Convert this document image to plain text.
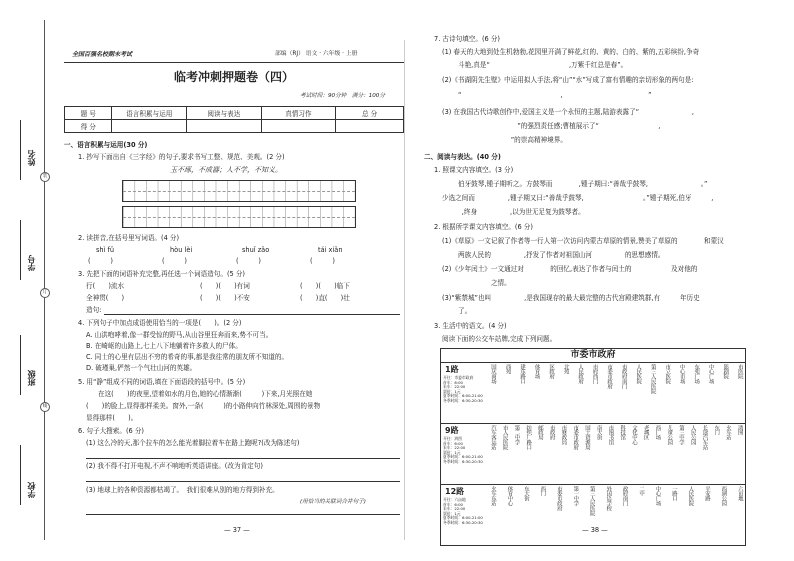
姓名
学号
班级
学校
装
订
线
全国百强名校期末考试	部编（RJ） 语文 · 六年级 · 上册
临考冲刺押题卷（四）
考试时间：90分钟　满分：100分
题 号	语言积累与运用	阅读与表达	真情习作	总 分
得 分				
一、语言积累与运用(30 分)
1. 抄写下面出自《三字经》的句子,要求书写工整、规范、美观。(2 分)
玉不琢，不成器；人不学，不知义。
2. 读拼音,在括号里写词语。(4 分)
shì fǔ	hòu lèi	shuǐ zǎo	tái xiǎn
(　　　)	(　　　)	(　　　)	(　　　)
3. 先把下面的词语补充完整,再任选一个词语造句。(5 分)
行(　　)流水	(　　)(　　)有词	(　　)(　　)临下
全神贯(　　)	(　　)(　　)不安	(　　)直(　　)壮
造句:
4. 下列句子中加点成语使用恰当的一项是(　　)。(2 分)
A. 山洪咆哮着,像一群受惊的野马,从山谷里狂奔而来,势不可当。
B. 在崎岖的山路上,七上八下地躺着许多救人的尸体。
C. 同士的心里有层出不穷的希奇的事,都是我往常的朋友所不知道的。
D. 破瑾巢,俨然一个气壮山河的英雄。
5. 用“静”组成不同的词语,填在下面语段的括号中。(5 分)
在这(　　)的夜里,望着如水的月色,她的心情渐渐(　　　)下来,月光照在她
(　　)的脸上,显得那样柔美。窗外,一条(　　　)的小路伸向竹林深处,周围的景物
显得那样(　　)。
6. 句子大搜索。(6 分)
(1) 这么冷的天,那个拉车的怎么能光着脚拉着车在路上跑呢?(改为陈述句)
(2) 我不得不打开电视,不声不响地听英语讲座。(改为肯定句)
(3) 地球上的各种资源都枯竭了。　我们很难从别的地方得到补充。
(用恰当的关联词合并句子)
— 37 —
7. 古诗句填空。(6 分)
(1) 春天的大地到处生机勃勃,花园里开满了鲜花,红的、黄的、白的、紫的,五彩缤纷,争奇
斗艳,真是“　　　　　　　　　　　　,万紫千红总是春”。
(2)《书湖阴先生壁》中运用拟人手法,将“山”“水”写成了富有情趣的亲切形象的两句是:
“　　　　　　　　　　　　　　　,　　　　　　　　　　　　　”
(3) 在我国古代诗歌创作中,爱国主义是一个永恒的主题,陆游表露了“　　　　　　　　,　　　　
　　　　　　　　　”的强烈责任感;曹植展示了“　　　　　　　　　,　　　　
　　　　　　　　”的崇高精神境界。
二、阅读与表达。(40 分)
1. 照课文内容填空。(3 分)
伯牙鼓琴,锺子期听之。方鼓琴而　　　　,锺子期曰:“善哉乎鼓琴,　　　　　　　　。”
少选之间而　　　　　,锺子期又曰:“善哉乎鼓琴,　　　　　　　　　。”锺子期死,伯牙　　　,
　　　,终身　　　　　,以为世无足复为鼓琴者。
2. 根据所学课文内容填空。(6 分)
(1)《草原》一文记叙了作者等一行人第一次访问内蒙古草原的情景,赞美了草原的　　　　和蒙汉
两族人民的　　　　　,抒发了作者对祖国山河　　　　　的思想感情。
(2)《少年闰土》一文通过对　　　　的回忆,表达了作者与闰土的　　　　　　及对他的
　　　　　之情。
(3)“紫禁城”也叫　　　　　,是我国现存的最大最完整的古代宫殿建筑群,有　　　年历史
了。
3. 生活中的语文。(4 分)
阅读下面的公交车站牌,完成下列问题。
市委市政府
1路
开往：市委市政府
首车：6:00
末车：22:00
票价：1元
夏季时间：6:00-21:00
冬季时间：6:30-20:30
国庆商场 西苑 建东路口 体育场 区政府 北苑 人民政府 市府西门 市委市政府 市政府南门 人民医院 第三人民医院 市立医院 中心市场 东苑广场 中心广场 影剧院 市医院
9路
开往：鸿图
首车：6:00
末车：22:00
票价：1元
夏季时间：6:00-21:00
冬季时间：6:30-20:30
汽车客运站 市人民医院 第二中学 纺织厂路口 邮政局 市政府 市财政局 市委市政府 国土资源局 南大街 市图书馆 科技馆 文化中心 老城区 西广场 儿童公园 第三中学 人民公园 长途汽车站 东门 火车站 鸿图
12路
开往：六亩地
首车：6:00
末车：22:00
票价：1元
夏季时间：6:00-21:00
冬季时间：6:30-20:30
火车东站 体育中心 东大街 西门 市委市政府 第一中学 第三人民医院 外国语学校 政府南门 二中 中心广场 一路口 人民医院 平安路 西湖公园 六亩地
— 38 —
